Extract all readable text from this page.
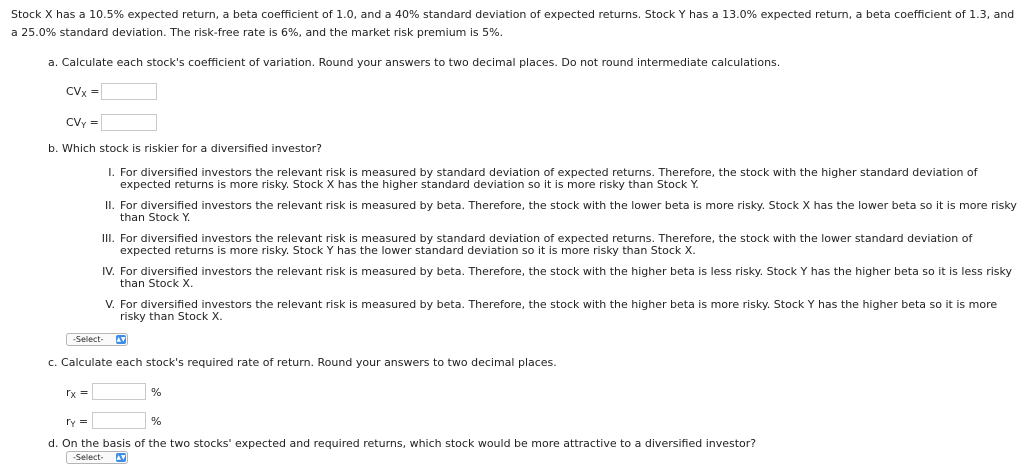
Stock X has a 10.5% expected return, a beta coefficient of 1.0, and a 40% standard deviation of expected returns. Stock Y has a 13.0% expected return, a beta coefficient of 1.3, and
a 25.0% standard deviation. The risk-free rate is 6%, and the market risk premium is 5%.
a. Calculate each stock's coefficient of variation. Round your answers to two decimal places. Do not round intermediate calculations.
$CV_X$ =
$CV_Y$ =
b. Which stock is riskier for a diversified investor?
I. For diversified investors the relevant risk is measured by standard deviation of expected returns. Therefore, the stock with the higher standard deviation of
expected returns is more risky. Stock X has the higher standard deviation so it is more risky than Stock Y.
II. For diversified investors the relevant risk is measured by beta. Therefore, the stock with the lower beta is more risky. Stock X has the lower beta so it is more risky
than Stock Y.
III. For diversified investors the relevant risk is measured by standard deviation of expected returns. Therefore, the stock with the lower standard deviation of
expected returns is more risky. Stock Y has the lower standard deviation so it is more risky than Stock X.
IV. For diversified investors the relevant risk is measured by beta. Therefore, the stock with the higher beta is less risky. Stock Y has the higher beta so it is less risky
than Stock X.
V. For diversified investors the relevant risk is measured by beta. Therefore, the stock with the higher beta is more risky. Stock Y has the higher beta so it is more
risky than Stock X.
-Select- ▲▼
c. Calculate each stock's required rate of return. Round your answers to two decimal places.
$r_X$ =	%
$r_Y$ =	%
d. On the basis of the two stocks' expected and required returns, which stock would be more attractive to a diversified investor?
-Select- ▲▼
